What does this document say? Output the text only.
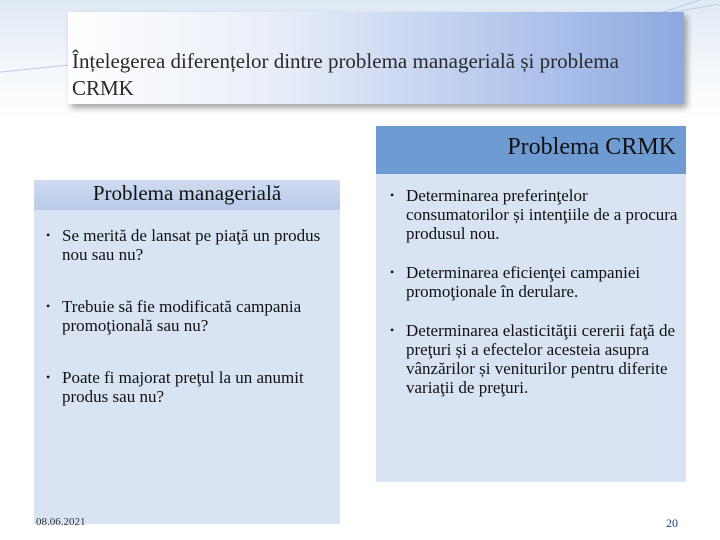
Înțelegerea diferențelor dintre problema managerială și problema CRMK
Problema CRMK
Problema managerială
• Se merită de lansat pe piaţă un produs nou sau nu?
• Trebuie să fie modificată campania promoţională sau nu?
• Poate fi majorat preţul la un anumit produs sau nu?
• Determinarea preferinţelor consumatorilor și intenţiile de a procura produsul nou.
• Determinarea eficienţei campaniei promoţionale în derulare.
• Determinarea elasticităţii cererii faţă de preţuri și a efectelor acesteia asupra vânzărilor și veniturilor pentru diferite variaţii de preţuri.
08.06.2021	20
